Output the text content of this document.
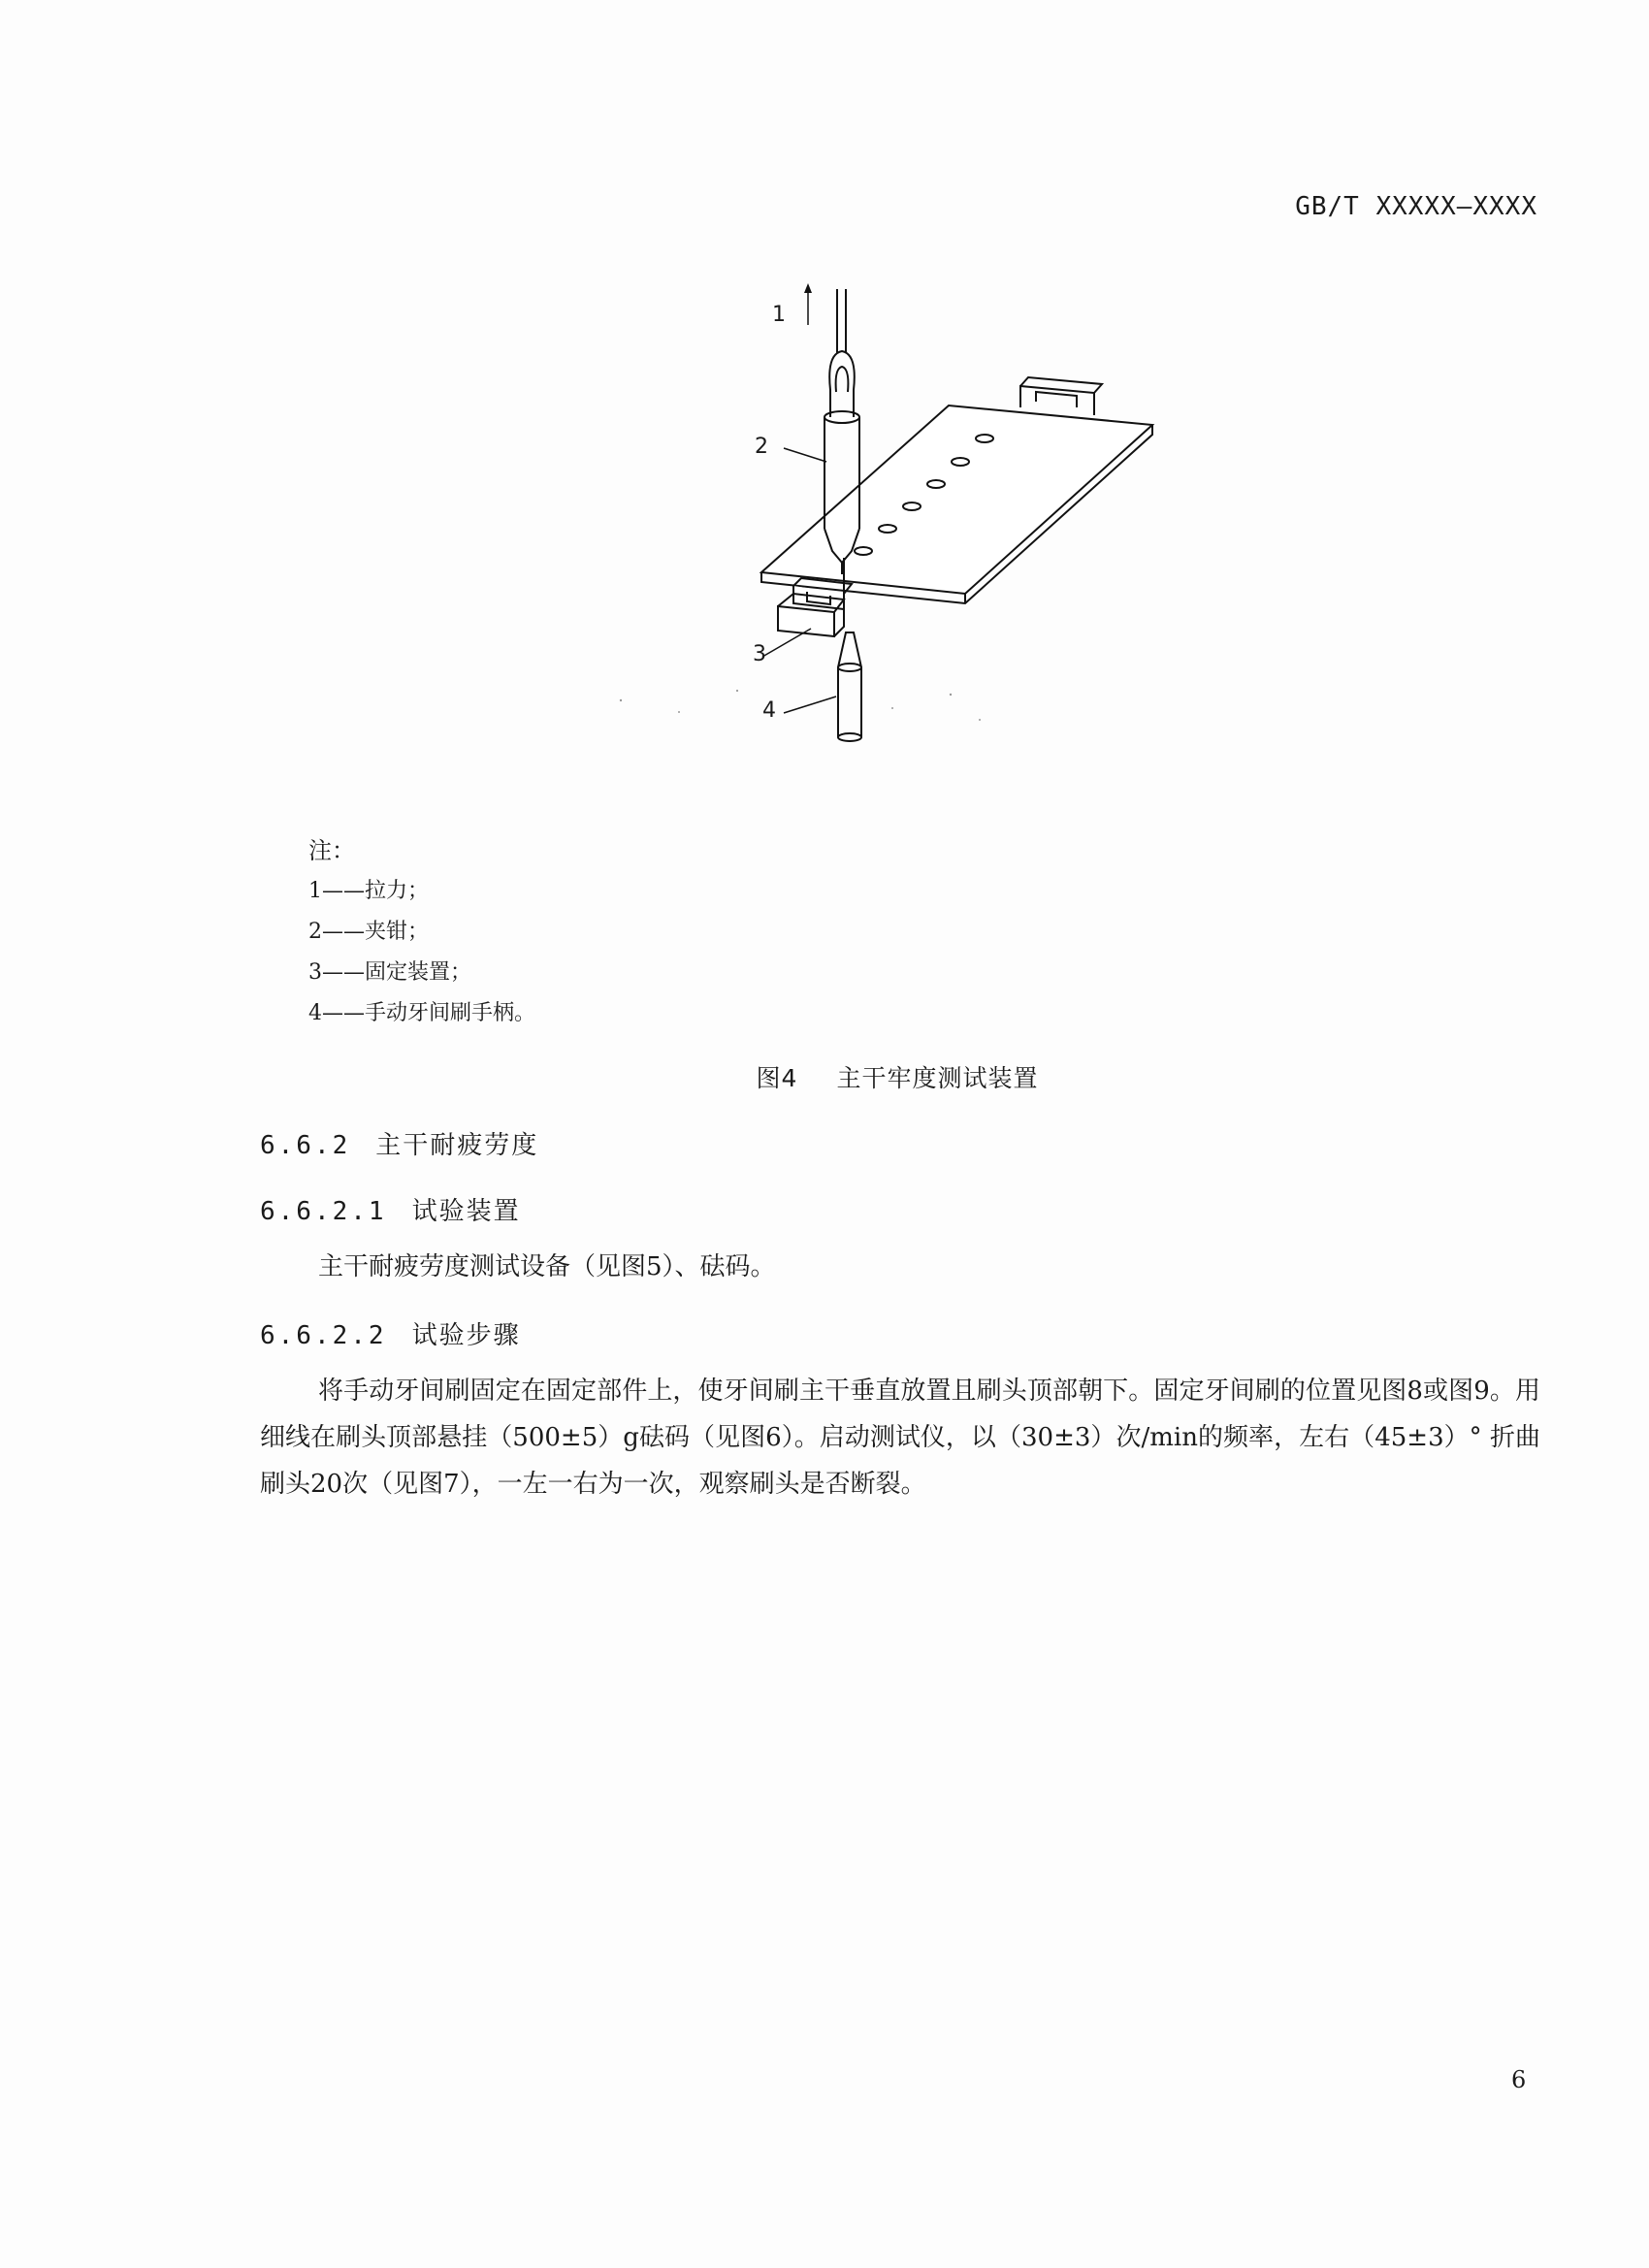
GB/T XXXXX—XXXX
1
2
3
4
注：
1——拉力；
2——夹钳；
3——固定装置；
4——手动牙间刷手柄。
图4 主干牢度测试装置
6.6.2 主干耐疲劳度
6.6.2.1 试验装置
主干耐疲劳度测试设备（见图5）、砝码。
6.6.2.2 试验步骤
将手动牙间刷固定在固定部件上，使牙间刷主干垂直放置且刷头顶部朝下。固定牙间刷的位置见图8或图9。用细线在刷头顶部悬挂（500±5）g砝码（见图6）。启动测试仪，以（30±3）次/min的频率，左右（45±3）° 折曲刷头20次（见图7），一左一右为一次，观察刷头是否断裂。
6
